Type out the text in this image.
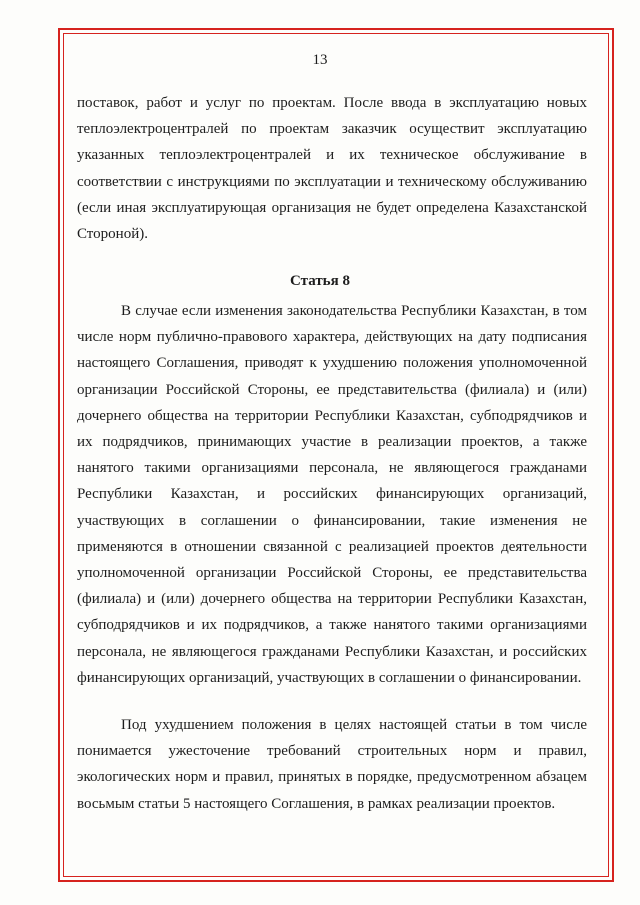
13

поставок, работ и услуг по проектам. После ввода в эксплуатацию новых теплоэлектроцентралей по проектам заказчик осуществит эксплуатацию указанных теплоэлектроцентралей и их техническое обслуживание в соответствии с инструкциями по эксплуатации и техническому обслуживанию (если иная эксплуатирующая организация не будет определена Казахстанской Стороной).

Статья 8

В случае если изменения законодательства Республики Казахстан, в том числе норм публично-правового характера, действующих на дату подписания настоящего Соглашения, приводят к ухудшению положения уполномоченной организации Российской Стороны, ее представительства (филиала) и (или) дочернего общества на территории Республики Казахстан, субподрядчиков и их подрядчиков, принимающих участие в реализации проектов, а также нанятого такими организациями персонала, не являющегося гражданами Республики Казахстан, и российских финансирующих организаций, участвующих в соглашении о финансировании, такие изменения не применяются в отношении связанной с реализацией проектов деятельности уполномоченной организации Российской Стороны, ее представительства (филиала) и (или) дочернего общества на территории Республики Казахстан, субподрядчиков и их подрядчиков, а также нанятого такими организациями персонала, не являющегося гражданами Республики Казахстан, и российских финансирующих организаций, участвующих в соглашении о финансировании.

Под ухудшением положения в целях настоящей статьи в том числе понимается ужесточение требований строительных норм и правил, экологических норм и правил, принятых в порядке, предусмотренном абзацем восьмым статьи 5 настоящего Соглашения, в рамках реализации проектов.
